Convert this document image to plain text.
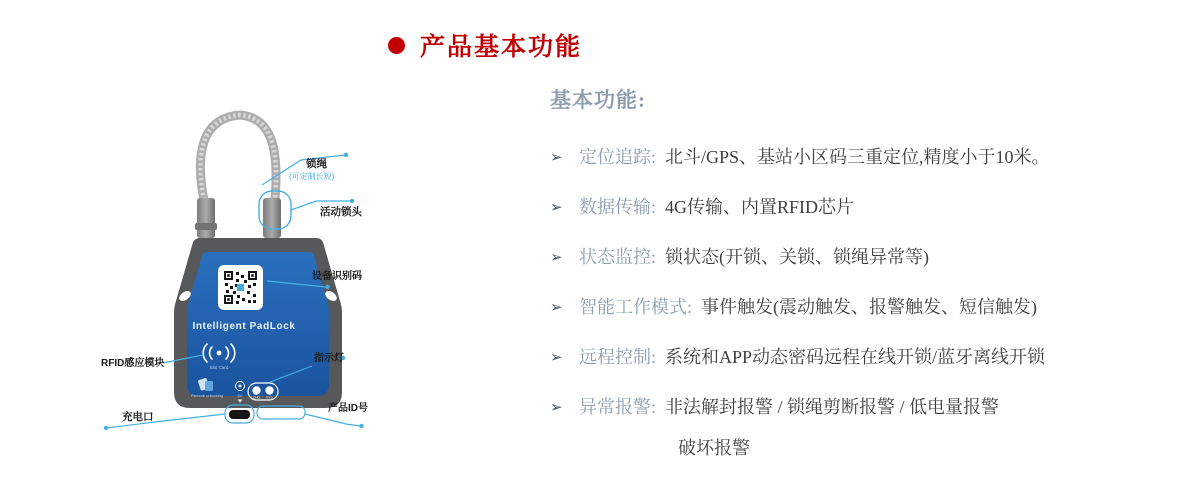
产品基本功能
Intelligent PadLock
Slot Card
Remote unlocking	5V	CHG SYS
锁绳
(可定制长短)
活动锁头
设备识别码
RFID感应模块	指示灯
充电口
产品ID号
基本功能:
➢ 定位追踪: 北斗/GPS、基站小区码三重定位,精度小于10米。
➢ 数据传输: 4G传输、内置RFID芯片
➢ 状态监控: 锁状态(开锁、关锁、锁绳异常等)
➢ 智能工作模式: 事件触发(震动触发、报警触发、短信触发)
➢ 远程控制: 系统和APP动态密码远程在线开锁/蓝牙离线开锁
➢ 异常报警: 非法解封报警 / 锁绳剪断报警 / 低电量报警
破坏报警
